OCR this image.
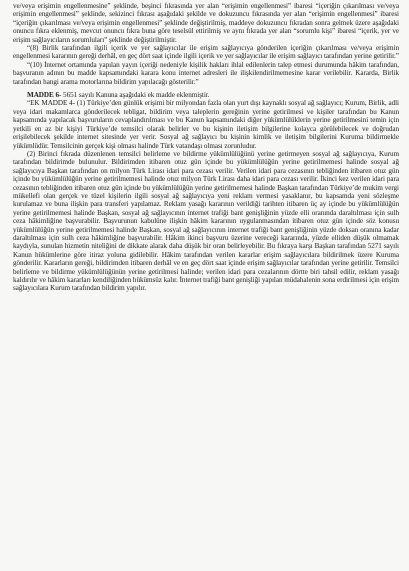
ve/veya erişimin engellenmesine” şeklinde, beşinci fıkrasında yer alan “erişimin engellenmesi” ibaresi “içeriğin çıkarılması ve/veya erişimin engellenmesi” şeklinde, sekizinci fıkrası aşağıdaki şekilde ve dokuzuncu fıkrasında yer alan “erişimin engellenmesi” ibaresi “içeriğin çıkarılması ve/veya erişimin engellenmesi” şeklinde değiştirilmiş, maddeye dokuzuncu fıkradan sonra gelmek üzere aşağıdaki onuncu fıkra eklenmiş, mevcut onuncu fıkra buna göre teselsül ettirilmiş ve aynı fıkrada yer alan “sorumlu kişi” ibaresi “içerik, yer ve erişim sağlayıcıların sorumluları” şeklinde değiştirilmiştir.

“(8) Birlik tarafından ilgili içerik ve yer sağlayıcılar ile erişim sağlayıcıya gönderilen içeriğin çıkarılması ve/veya erişimin engellenmesi kararının gereği derhâl, en geç dört saat içinde ilgili içerik ve yer sağlayıcılar ile erişim sağlayıcı tarafından yerine getirilir.”

“(10) İnternet ortamında yapılan yayın içeriği nedeniyle kişilik hakları ihlal edilenlerin talep etmesi durumunda hâkim tarafından, başvuranın adının bu madde kapsamındaki karara konu internet adresleri ile ilişkilendirilmemesine karar verilebilir. Kararda, Birlik tarafından hangi arama motorlarına bildirim yapılacağı gösterilir.”

MADDE 6- 5651 sayılı Kanuna aşağıdaki ek madde eklenmiştir.

“EK MADDE 4- (1) Türkiye’den günlük erişimi bir milyondan fazla olan yurt dışı kaynaklı sosyal ağ sağlayıcı; Kurum, Birlik, adli veya idari makamlarca gönderilecek tebligat, bildirim veya taleplerin gereğinin yerine getirilmesi ve kişiler tarafından bu Kanun kapsamında yapılacak başvuruların cevaplandırılması ve bu Kanun kapsamındaki diğer yükümlülüklerin yerine getirilmesini temin için yetkili en az bir kişiyi Türkiye’de temsilci olarak belirler ve bu kişinin iletişim bilgilerine kolayca görülebilecek ve doğrudan erişilebilecek şekilde internet sitesinde yer verir. Sosyal ağ sağlayıcı bu kişinin kimlik ve iletişim bilgilerini Kuruma bildirmekle yükümlüdür. Temsilcinin gerçek kişi olması halinde Türk vatandaşı olması zorunludur.

(2) Birinci fıkrada düzenlenen temsilci belirleme ve bildirme yükümlülüğünü yerine getirmeyen sosyal ağ sağlayıcıya, Kurum tarafından bildirimde bulunulur. Bildirimden itibaren otuz gün içinde bu yükümlülüğün yerine getirilmemesi halinde sosyal ağ sağlayıcıya Başkan tarafından on milyon Türk Lirası idari para cezası verilir. Verilen idari para cezasının tebliğinden itibaren otuz gün içinde bu yükümlülüğün yerine getirilmemesi halinde otuz milyon Türk Lirası daha idari para cezası verilir. İkinci kez verilen idari para cezasının tebliğinden itibaren otuz gün içinde bu yükümlülüğün yerine getirilmemesi halinde Başkan tarafından Türkiye’de mukim vergi mükellefi olan gerçek ve tüzel kişilerin ilgili sosyal ağ sağlayıcıya yeni reklam vermesi yasaklanır, bu kapsamda yeni sözleşme kurulamaz ve buna ilişkin para transferi yapılamaz. Reklam yasağı kararının verildiği tarihten itibaren üç ay içinde bu yükümlülüğün yerine getirilmemesi halinde Başkan, sosyal ağ sağlayıcının internet trafiği bant genişliğinin yüzde elli oranında daraltılması için sulh ceza hâkimliğine başvurabilir. Başvurunun kabulüne ilişkin hâkim kararının uygulanmasından itibaren otuz gün içinde söz konusu yükümlülüğün yerine getirilmemesi halinde Başkan, sosyal ağ sağlayıcının internet trafiği bant genişliğinin yüzde doksan oranına kadar daraltılması için sulh ceza hâkimliğine başvurabilir. Hâkim ikinci başvuru üzerine vereceği kararında, yüzde elliden düşük olmamak kaydıyla, sunulan hizmetin niteliğini de dikkate alarak daha düşük bir oran belirleyebilir. Bu fıkraya karşı Başkan tarafından 5271 sayılı Kanun hükümlerine göre itiraz yoluna gidilebilir. Hâkim tarafından verilen kararlar erişim sağlayıcılara bildirilmek üzere Kuruma gönderilir. Kararların gereği, bildirimden itibaren derhâl ve en geç dört saat içinde erişim sağlayıcılar tarafından yerine getirilir. Temsilci belirleme ve bildirme yükümlülüğünün yerine getirilmesi halinde; verilen idari para cezalarının dörtte biri tahsil edilir, reklam yasağı kaldırılır ve hâkim kararları kendiliğinden hükümsüz kalır. İnternet trafiği bant genişliği yapılan müdahalenin sona erdirilmesi için erişim sağlayıcılara Kurum tarafından bildirim yapılır.
